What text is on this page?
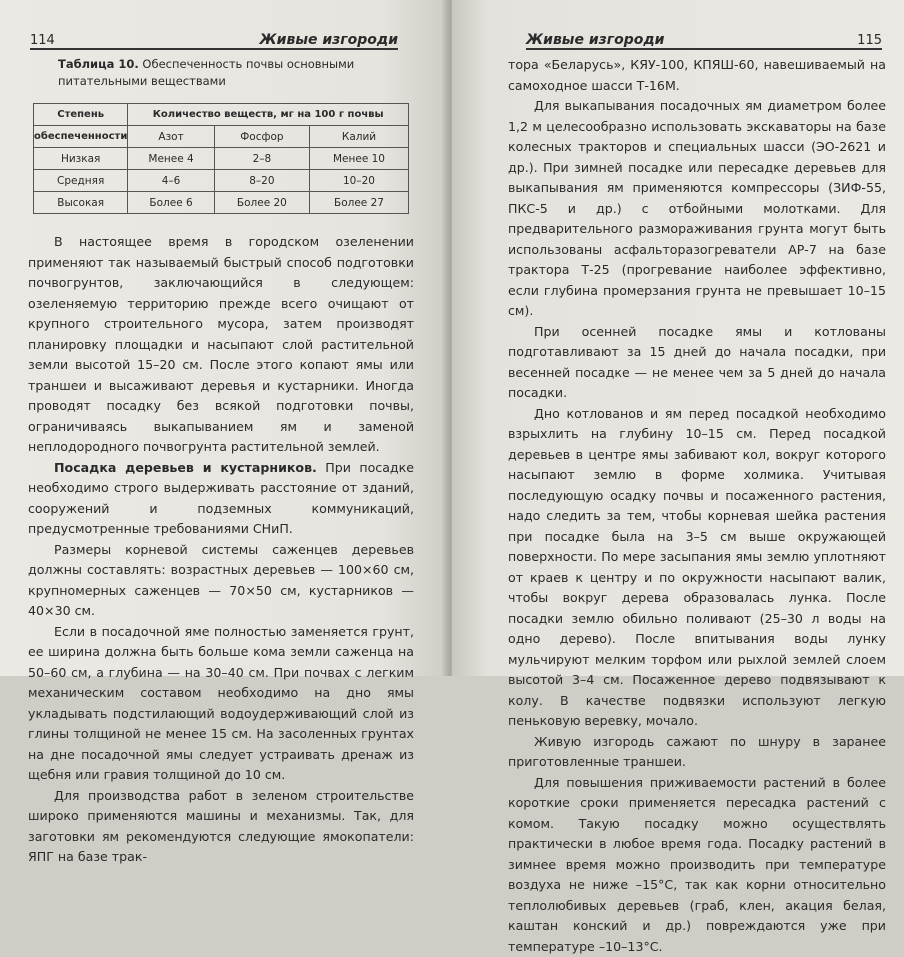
114	Живые изгороди
Таблица 10. Обеспеченность почвы основными питательными веществами
Степень	Количество веществ, мг на 100 г почвы		
обеспеченности	Азот	Фосфор	Калий
Низкая	Менее 4	2–8	Менее 10
Средняя	4–6	8–20	10–20
Высокая	Более 6	Более 20	Более 27

В настоящее время в городском озеленении применяют так называемый быстрый способ подготовки почвогрунтов, заключающийся в следующем: озеленяемую территорию прежде всего очищают от крупного строительного мусора, затем производят планировку площадки и насыпают слой растительной земли высотой 15–20 см. После этого копают ямы или траншеи и высаживают деревья и кустарники. Иногда проводят посадку без всякой подготовки почвы, ограничиваясь выкапыванием ям и заменой неплодородного почвогрунта растительной землей.

Посадка деревьев и кустарников. При посадке необходимо строго выдерживать расстояние от зданий, сооружений и подземных коммуникаций, предусмотренные требованиями СНиП.

Размеры корневой системы саженцев деревьев должны составлять: возрастных деревьев — 100×60 см, крупномерных саженцев — 70×50 см, кустарников — 40×30 см.

Если в посадочной яме полностью заменяется грунт, ее ширина должна быть больше кома земли саженца на 50–60 см, а глубина — на 30–40 см. При почвах с легким механическим составом необходимо на дно ямы укладывать подстилающий водоудерживающий слой из глины толщиной не менее 15 см. На засоленных грунтах на дне посадочной ямы следует устраивать дренаж из щебня или гравия толщиной до 10 см.

Для производства работ в зеленом строительстве широко применяются машины и механизмы. Так, для заготовки ям рекомендуются следующие ямокопатели: ЯПГ на базе трак-

Живые изгороди	115

тора «Беларусь», КЯУ-100, КПЯШ-60, навешиваемый на самоходное шасси Т-16М.

Для выкапывания посадочных ям диаметром более 1,2 м целесообразно использовать экскаваторы на базе колесных тракторов и специальных шасси (ЭО-2621 и др.). При зимней посадке или пересадке деревьев для выкапывания ям применяются компрессоры (ЗИФ-55, ПКС-5 и др.) с отбойными молотками. Для предварительного размораживания грунта могут быть использованы асфальторазогреватели АР-7 на базе трактора Т-25 (прогревание наиболее эффективно, если глубина промерзания грунта не превышает 10–15 см).

При осенней посадке ямы и котлованы подготавливают за 15 дней до начала посадки, при весенней посадке — не менее чем за 5 дней до начала посадки.

Дно котлованов и ям перед посадкой необходимо взрыхлить на глубину 10–15 см. Перед посадкой деревьев в центре ямы забивают кол, вокруг которого насыпают землю в форме холмика. Учитывая последующую осадку почвы и посаженного растения, надо следить за тем, чтобы корневая шейка растения при посадке была на 3–5 см выше окружающей поверхности. По мере засыпания ямы землю уплотняют от краев к центру и по окружности насыпают валик, чтобы вокруг дерева образовалась лунка. После посадки землю обильно поливают (25–30 л воды на одно дерево). После впитывания воды лунку мульчируют мелким торфом или рыхлой землей слоем высотой 3–4 см. Посаженное дерево подвязывают к колу. В качестве подвязки используют легкую пеньковую веревку, мочало.

Живую изгородь сажают по шнуру в заранее приготовленные траншеи.

Для повышения приживаемости растений в более короткие сроки применяется пересадка растений с комом. Такую посадку можно осуществлять практически в любое время года. Посадку растений в зимнее время можно производить при температуре воздуха не ниже –15°С, так как корни относительно теплолюбивых деревьев (граб, клен, акация белая, каштан конский и др.) повреждаются уже при температуре –10–13°С.
